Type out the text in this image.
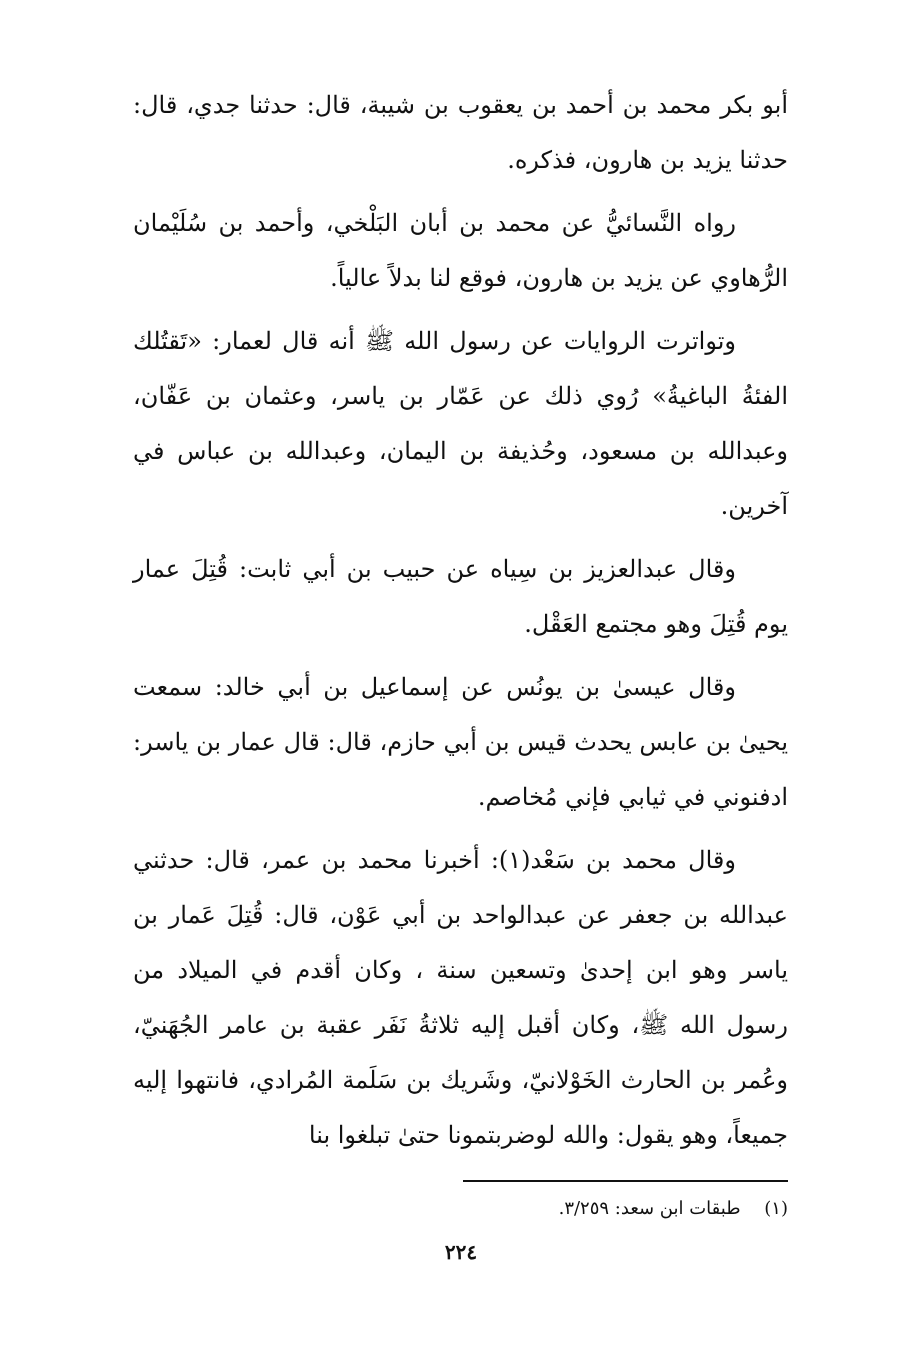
أبو بكر محمد بن أحمد بن يعقوب بن شيبة، قال: حدثنا جدي، قال: حدثنا يزيد بن هارون، فذكره.

رواه النَّسائيُّ عن محمد بن أبان البَلْخي، وأحمد بن سُلَيْمان الرُّهاوي عن يزيد بن هارون، فوقع لنا بدلاً عالياً.

وتواترت الروايات عن رسول الله ﷺ أنه قال لعمار: «تَقتُلك الفئةُ الباغيةُ» رُوي ذلك عن عَمّار بن ياسر، وعثمان بن عَفّان، وعبدالله بن مسعود، وحُذيفة بن اليمان، وعبدالله بن عباس في آخرين.

وقال عبدالعزيز بن سِياه عن حبيب بن أبي ثابت: قُتِلَ عمار يوم قُتِلَ وهو مجتمع العَقْل.

وقال عيسىٰ بن يونُس عن إسماعيل بن أبي خالد: سمعت يحيىٰ بن عابس يحدث قيس بن أبي حازم، قال: قال عمار بن ياسر: ادفنوني في ثيابي فإني مُخاصم.

وقال محمد بن سَعْد(١): أخبرنا محمد بن عمر، قال: حدثني عبدالله بن جعفر عن عبدالواحد بن أبي عَوْن، قال: قُتِلَ عَمار بن ياسر وهو ابن إحدىٰ وتسعين سنة ، وكان أقدم في الميلاد من رسول الله ﷺ، وكان أقبل إليه ثلاثةُ نَفَر عقبة بن عامر الجُهَنيّ، وعُمر بن الحارث الخَوْلانيّ، وشَريك بن سَلَمة المُرادي، فانتهوا إليه جميعاً، وهو يقول: والله لوضربتمونا حتىٰ تبلغوا بنا

(١) طبقات ابن سعد: ٣/٢٥٩.
٢٢٤
